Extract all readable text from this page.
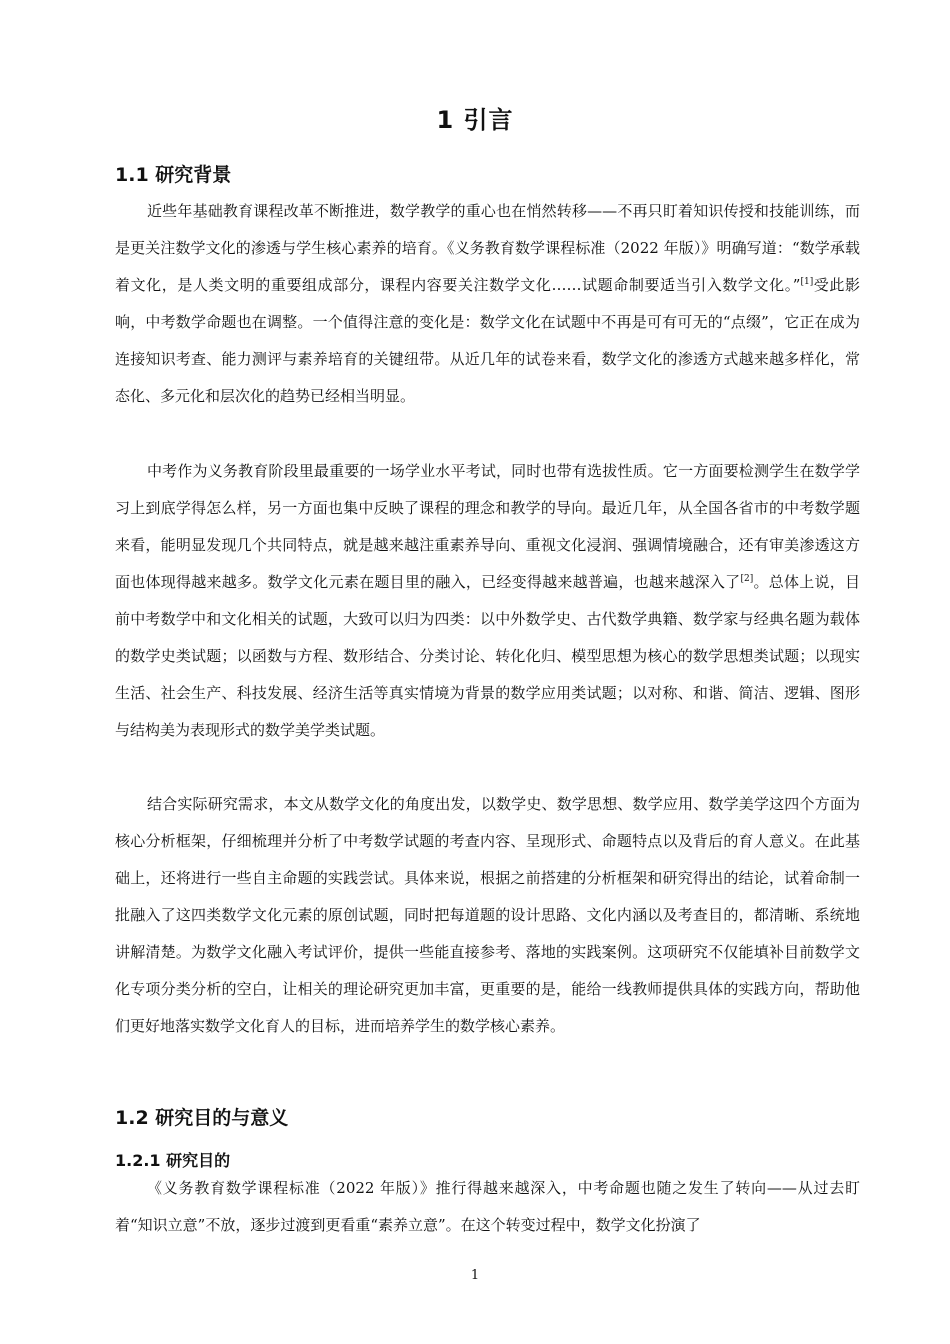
1 引言
1.1 研究背景

近些年基础教育课程改革不断推进，数学教学的重心也在悄然转移——不再只盯着知识传授和技能训练，而是更关注数学文化的渗透与学生核心素养的培育。《义务教育数学课程标准（2022 年版）》明确写道：“数学承载着文化，是人类文明的重要组成部分，课程内容要关注数学文化……试题命制要适当引入数学文化。”[1]受此影响，中考数学命题也在调整。一个值得注意的变化是：数学文化在试题中不再是可有可无的“点缀”，它正在成为连接知识考查、能力测评与素养培育的关键纽带。从近几年的试卷来看，数学文化的渗透方式越来越多样化，常态化、多元化和层次化的趋势已经相当明显。

中考作为义务教育阶段里最重要的一场学业水平考试，同时也带有选拔性质。它一方面要检测学生在数学学习上到底学得怎么样，另一方面也集中反映了课程的理念和教学的导向。最近几年，从全国各省市的中考数学题来看，能明显发现几个共同特点，就是越来越注重素养导向、重视文化浸润、强调情境融合，还有审美渗透这方面也体现得越来越多。数学文化元素在题目里的融入，已经变得越来越普遍，也越来越深入了[2]。总体上说，目前中考数学中和文化相关的试题，大致可以归为四类：以中外数学史、古代数学典籍、数学家与经典名题为载体的数学史类试题；以函数与方程、数形结合、分类讨论、转化化归、模型思想为核心的数学思想类试题；以现实生活、社会生产、科技发展、经济生活等真实情境为背景的数学应用类试题；以对称、和谐、简洁、逻辑、图形与结构美为表现形式的数学美学类试题。

结合实际研究需求，本文从数学文化的角度出发，以数学史、数学思想、数学应用、数学美学这四个方面为核心分析框架，仔细梳理并分析了中考数学试题的考查内容、呈现形式、命题特点以及背后的育人意义。在此基础上，还将进行一些自主命题的实践尝试。具体来说，根据之前搭建的分析框架和研究得出的结论，试着命制一批融入了这四类数学文化元素的原创试题，同时把每道题的设计思路、文化内涵以及考查目的，都清晰、系统地讲解清楚。为数学文化融入考试评价，提供一些能直接参考、落地的实践案例。这项研究不仅能填补目前数学文化专项分类分析的空白，让相关的理论研究更加丰富，更重要的是，能给一线教师提供具体的实践方向，帮助他们更好地落实数学文化育人的目标，进而培养学生的数学核心素养。

1.2 研究目的与意义
1.2.1 研究目的

《义务教育数学课程标准（2022 年版）》推行得越来越深入，中考命题也随之发生了转向——从过去盯着“知识立意”不放，逐步过渡到更看重“素养立意”。在这个转变过程中，数学文化扮演了

1
